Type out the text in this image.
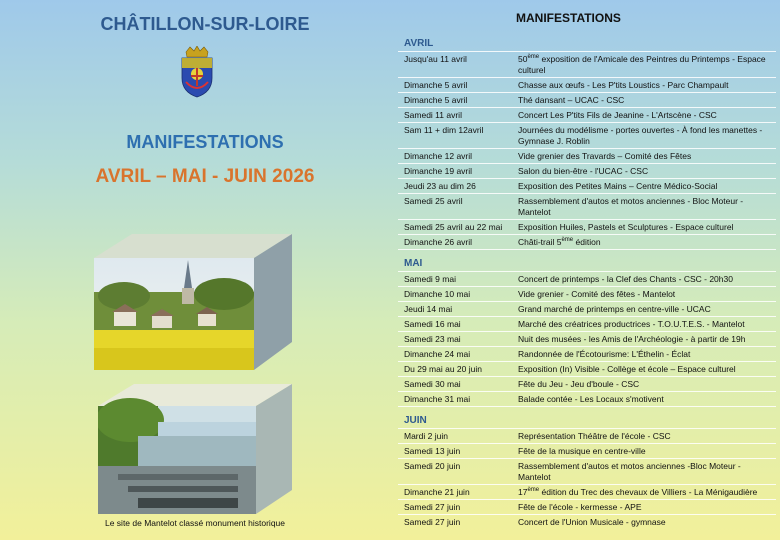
CHÂTILLON-SUR-LOIRE
MANIFESTATIONS
AVRIL – MAI - JUIN 2026
Le site de Mantelot classé monument historique
MANIFESTATIONS
AVRIL
Jusqu'au 11 avril	50ème exposition de l'Amicale des Peintres du Printemps - Espace culturel
Dimanche 5 avril	Chasse aux œufs - Les P'tits Loustics - Parc Champault
Dimanche 5 avril	Thé dansant – UCAC - CSC
Samedi 11 avril	Concert Les P'tits Fils de Jeanine - L'Artscène - CSC
Sam 11 + dim 12avril	Journées du modélisme - portes ouvertes - À fond les manettes - Gymnase J. Roblin
Dimanche 12 avril	Vide grenier des Travards – Comité des Fêtes
Dimanche 19 avril	Salon du bien-être - l'UCAC - CSC
Jeudi 23 au dim 26	Exposition des Petites Mains – Centre Médico-Social
Samedi 25 avril	Rassemblement d'autos et motos anciennes - Bloc Moteur - Mantelot
Samedi 25 avril au 22 mai	Exposition Huiles, Pastels et Sculptures - Espace culturel
Dimanche 26 avril	Châti-trail 5ème édition
MAI
Samedi 9 mai	Concert de printemps - la Clef des Chants - CSC - 20h30
Dimanche 10 mai	Vide grenier - Comité des fêtes - Mantelot
Jeudi 14 mai	Grand marché de printemps en centre-ville - UCAC
Samedi 16 mai	Marché des créatrices productrices - T.O.U.T.E.S. - Mantelot
Samedi 23 mai	Nuit des musées - les Amis de l'Archéologie - à partir de 19h
Dimanche 24 mai	Randonnée de l'Écotourisme: L'Éthelin - Éclat
Du 29 mai au 20 juin	Exposition (In) Visible - Collège et école – Espace culturel
Samedi 30 mai	Fête du Jeu - Jeu d'boule - CSC
Dimanche 31 mai	Balade contée - Les Locaux s'motivent
JUIN
Mardi 2 juin	Représentation Théâtre de l'école - CSC
Samedi 13 juin	Fête de la musique en centre-ville
Samedi 20 juin	Rassemblement d'autos et motos anciennes -Bloc Moteur - Mantelot
Dimanche 21 juin	17ème édition du Trec des chevaux de Villiers - La Ménigaudière
Samedi 27 juin	Fête de l'école - kermesse - APE
Samedi 27 juin	Concert de l'Union Musicale - gymnase
